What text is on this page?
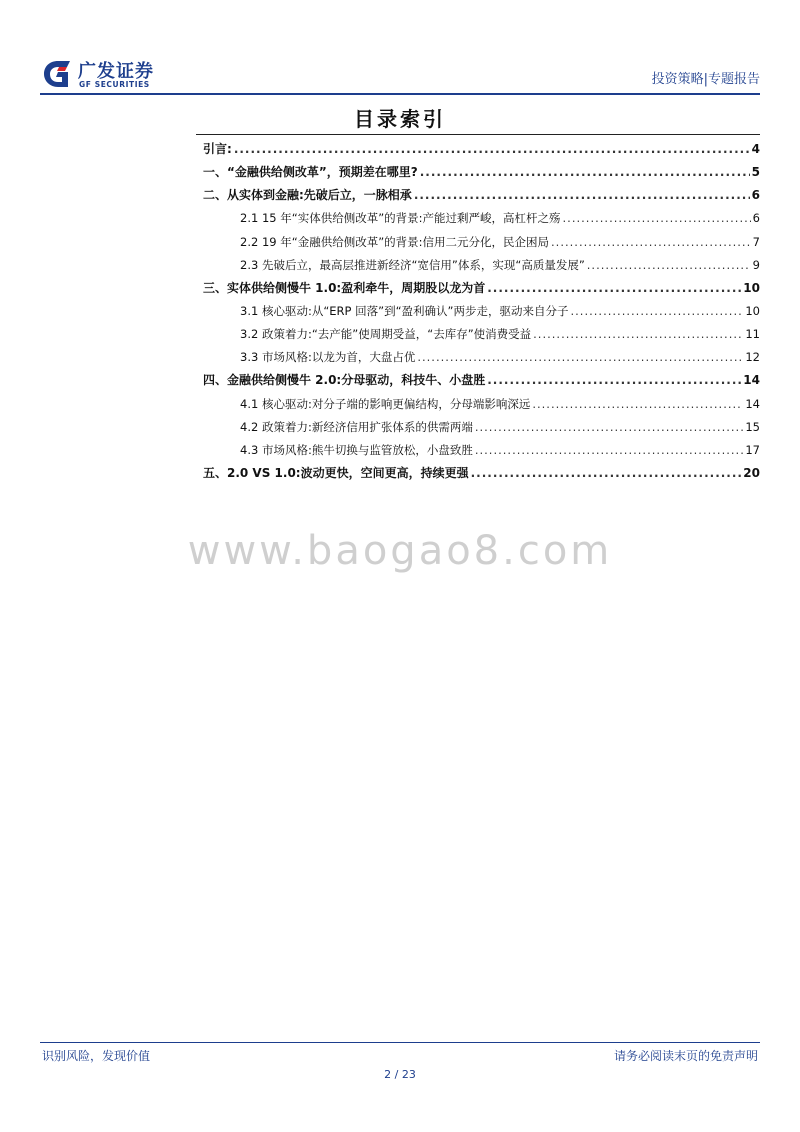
广发证券
GF SECURITIES	投资策略|专题报告
目录索引
引言: .....	4
一、“金融供给侧改革”，预期差在哪里? .....	5
二、从实体到金融:先破后立，一脉相承 .....	6
2.1 15 年“实体供给侧改革”的背景:产能过剩严峻，高杠杆之殇 .....	6
2.2 19 年“金融供给侧改革”的背景:信用二元分化，民企困局 .....	7
2.3 先破后立，最高层推进新经济“宽信用”体系，实现“高质量发展” .....	9
三、实体供给侧慢牛 1.0:盈利牵牛，周期股以龙为首 .....	10
3.1 核心驱动:从“ERP 回落”到“盈利确认”两步走，驱动来自分子 .....	10
3.2 政策着力:“去产能”使周期受益，“去库存”使消费受益 .....	11
3.3 市场风格:以龙为首，大盘占优 .....	12
四、金融供给侧慢牛 2.0:分母驱动，科技牛、小盘胜 .....	14
4.1 核心驱动:对分子端的影响更偏结构，分母端影响深远 .....	14
4.2 政策着力:新经济信用扩张体系的供需两端 .....	15
4.3 市场风格:熊牛切换与监管放松，小盘致胜 .....	17
五、2.0 VS 1.0:波动更快，空间更高，持续更强 .....	20
www.baogao8.com
识别风险，发现价值	请务必阅读末页的免责声明
2 / 23
